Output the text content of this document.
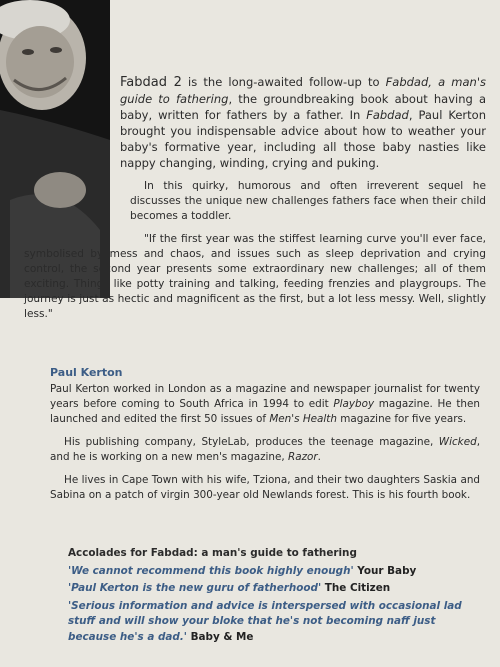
Fabdad 2 is the long-awaited follow-up to Fabdad, a man's guide to fathering, the groundbreaking book about having a baby, written for fathers by a father. In Fabdad, Paul Kerton brought you indispensable advice about how to weather your baby's formative year, including all those baby nasties like nappy changing, winding, crying and puking.

In this quirky, humorous and often irreverent sequel he discusses the unique new challenges fathers face when their child becomes a toddler.

"If the first year was the stiffest learning curve you'll ever face, symbolised by mess and chaos, and issues such as sleep deprivation and crying control, the second year presents some extraordinary new challenges; all of them exciting. Things like potty training and talking, feeding frenzies and playgroups. The journey is just as hectic and magnificent as the first, but a lot less messy. Well, slightly less."

Paul Kerton

Paul Kerton worked in London as a magazine and newspaper journalist for twenty years before coming to South Africa in 1994 to edit Playboy magazine. He then launched and edited the first 50 issues of Men's Health magazine for five years.

His publishing company, StyleLab, produces the teenage magazine, Wicked, and he is working on a new men's magazine, Razor.

He lives in Cape Town with his wife, Tziona, and their two daughters Saskia and Sabina on a patch of virgin 300-year old Newlands forest. This is his fourth book.

Accolades for Fabdad: a man's guide to fathering
'We cannot recommend this book highly enough' Your Baby
'Paul Kerton is the new guru of fatherhood' The Citizen
'Serious information and advice is interspersed with occasional lad stuff and will show your bloke that he's not becoming naff just because he's a dad.' Baby & Me
